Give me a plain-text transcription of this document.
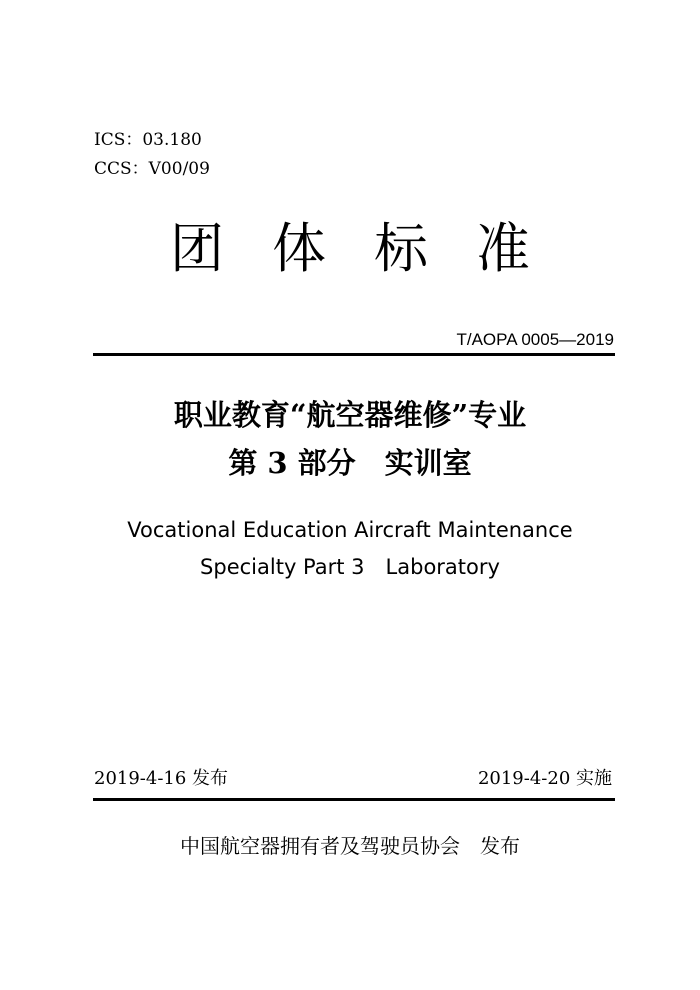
ICS：03.180
CCS：V00/09
团体标准
T/AOPA 0005—2019
职业教育“航空器维修”专业
第 3 部分　实训室
Vocational Education Aircraft Maintenance
Specialty Part 3　Laboratory
2019-4-16 发布	2019-4-20 实施
中国航空器拥有者及驾驶员协会　发布
